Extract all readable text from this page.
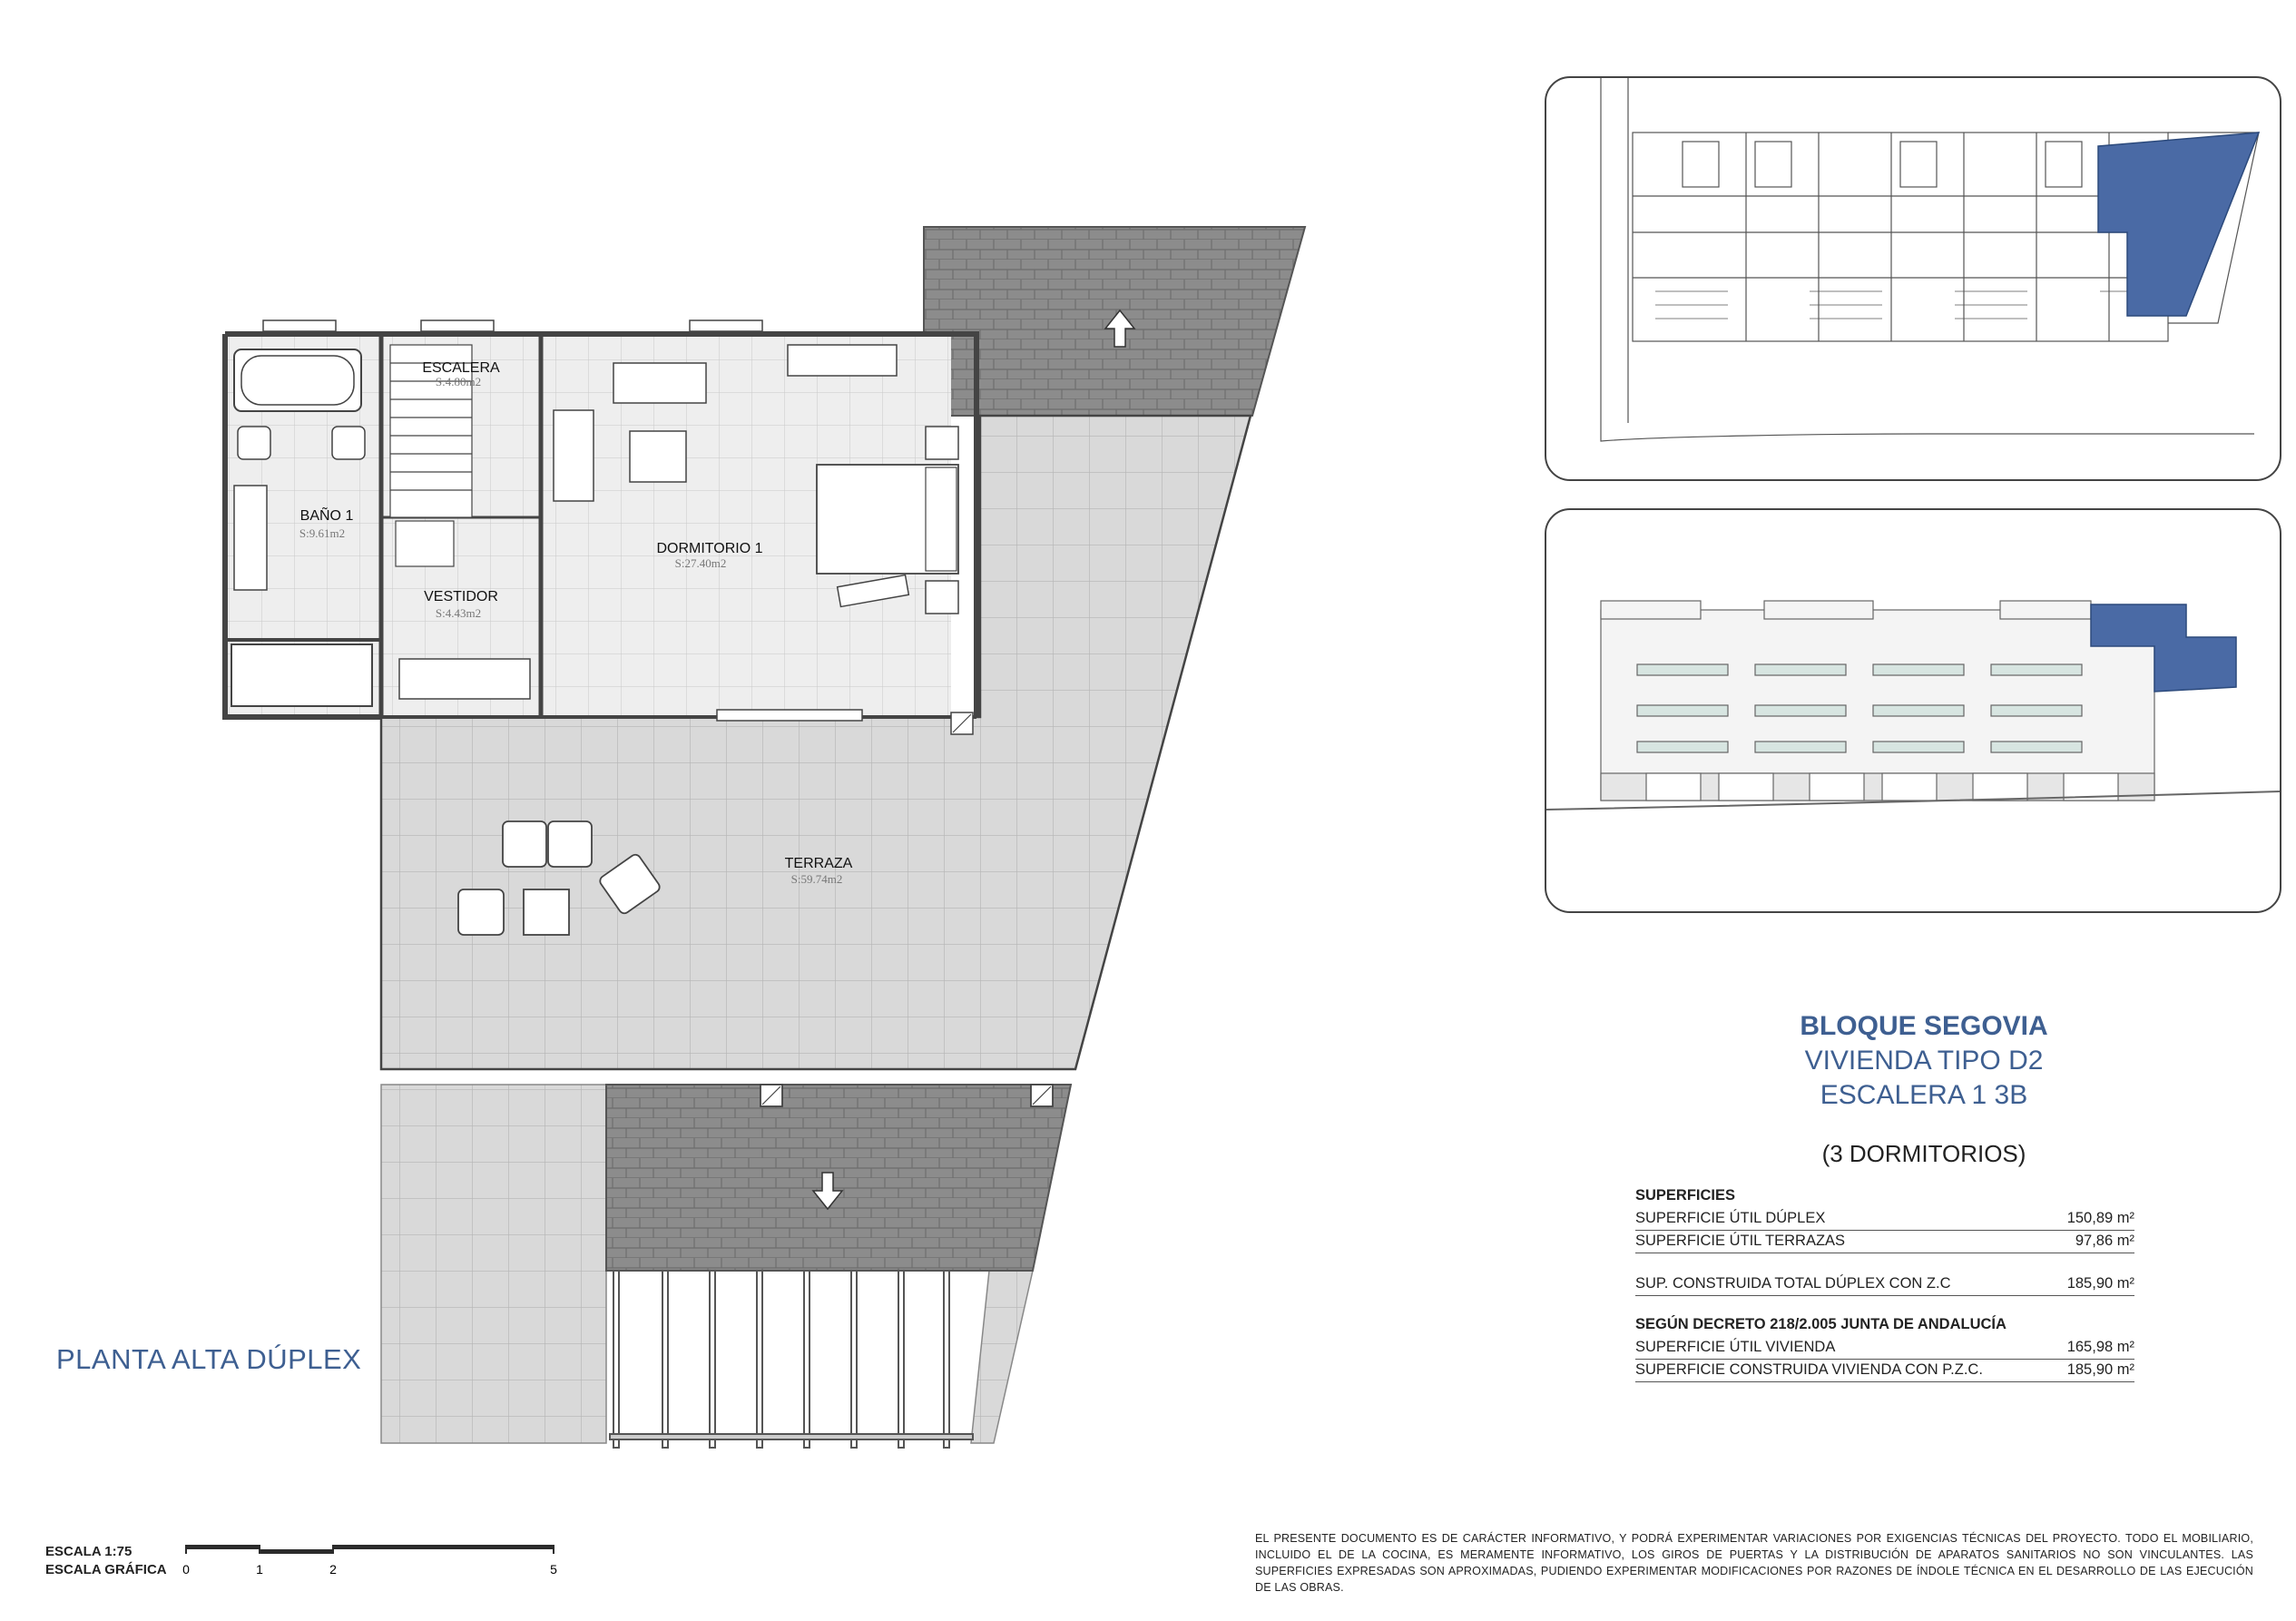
ESCALERA
S:4.80m2
BAÑO 1
S:9.61m2
DORMITORIO 1
S:27.40m2
VESTIDOR
S:4.43m2
TERRAZA
S:59.74m2
BLOQUE SEGOVIA
VIVIENDA TIPO D2
ESCALERA 1 3B
(3 DORMITORIOS)
SUPERFICIES
SUPERFICIE ÚTIL DÚPLEX	150,89 m²
SUPERFICIE ÚTIL TERRAZAS	97,86 m²
SUP. CONSTRUIDA TOTAL DÚPLEX CON Z.C	185,90 m²
SEGÚN DECRETO 218/2.005 JUNTA DE ANDALUCÍA
SUPERFICIE ÚTIL VIVIENDA	165,98 m²
SUPERFICIE CONSTRUIDA VIVIENDA CON P.Z.C.	185,90 m²
PLANTA ALTA DÚPLEX
ESCALA 1:75
ESCALA GRÁFICA 0	1	2	5
EL PRESENTE DOCUMENTO ES DE CARÁCTER INFORMATIVO, Y PODRÁ EXPERIMENTAR VARIACIONES POR EXIGENCIAS TÉCNICAS DEL PROYECTO. TODO EL MOBILIARIO, INCLUIDO EL DE LA COCINA, ES MERAMENTE INFORMATIVO, LOS GIROS DE PUERTAS Y LA DISTRIBUCIÓN DE APARATOS SANITARIOS NO SON VINCULANTES. LAS SUPERFICIES EXPRESADAS SON APROXIMADAS, PUDIENDO EXPERIMENTAR MODIFICACIONES POR RAZONES DE ÍNDOLE TÉCNICA EN EL DESARROLLO DE LAS EJECUCIÓN DE LAS OBRAS.
